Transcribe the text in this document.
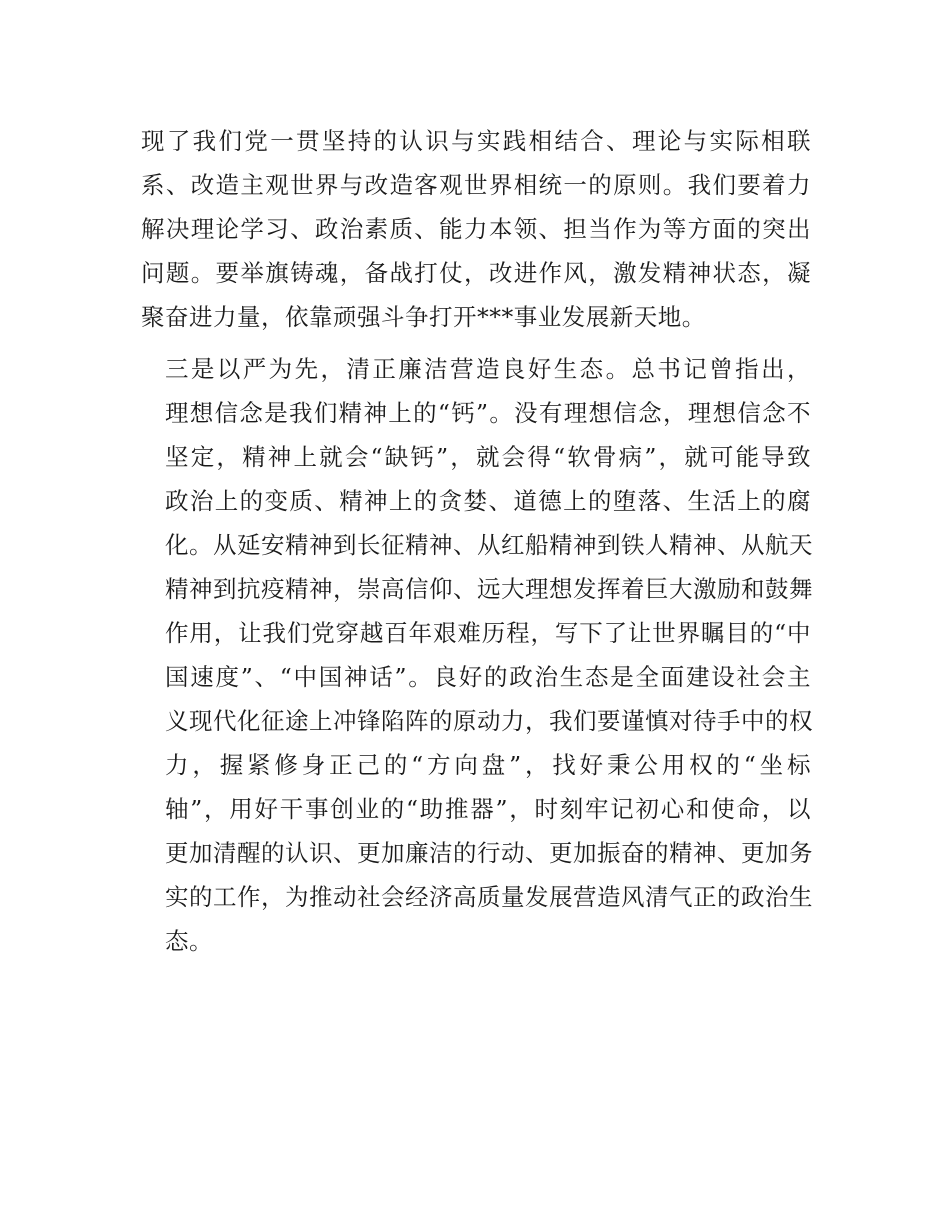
现了我们党一贯坚持的认识与实践相结合、理论与实际相联
系、改造主观世界与改造客观世界相统一的原则。我们要着力
解决理论学习、政治素质、能力本领、担当作为等方面的突出
问题。要举旗铸魂，备战打仗，改进作风，激发精神状态，凝
聚奋进力量，依靠顽强斗争打开***事业发展新天地。
三是以严为先，清正廉洁营造良好生态。总书记曾指出，
理想信念是我们精神上的“钙”。没有理想信念，理想信念不
坚定，精神上就会“缺钙”，就会得“软骨病”，就可能导致
政治上的变质、精神上的贪婪、道德上的堕落、生活上的腐
化。从延安精神到长征精神、从红船精神到铁人精神、从航天
精神到抗疫精神，崇高信仰、远大理想发挥着巨大激励和鼓舞
作用，让我们党穿越百年艰难历程，写下了让世界瞩目的“中
国速度”、“中国神话”。良好的政治生态是全面建设社会主
义现代化征途上冲锋陷阵的原动力，我们要谨慎对待手中的权
力，握紧修身正己的“方向盘”，找好秉公用权的“坐标
轴”，用好干事创业的“助推器”，时刻牢记初心和使命，以
更加清醒的认识、更加廉洁的行动、更加振奋的精神、更加务
实的工作，为推动社会经济高质量发展营造风清气正的政治生
态。
